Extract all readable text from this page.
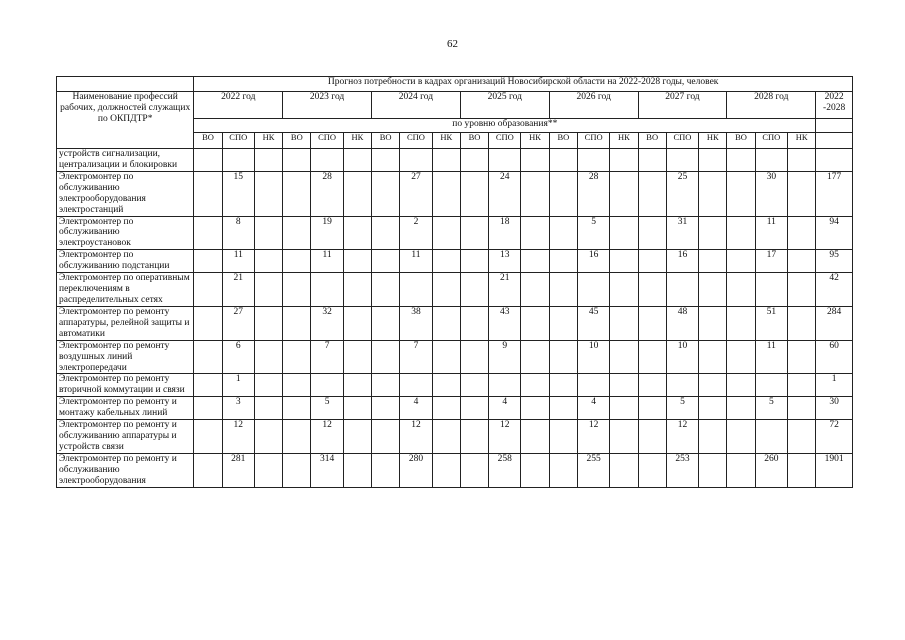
62
	Прогноз потребности в кадрах организаций Новосибирской области на 2022-2028 годы, человек																					
Наименование профессий рабочих, должностей служащих по ОКПДТР*	2022 год			2023 год			2024 год			2025 год			2026 год			2027 год			2028 год			2022 -2028
	по уровню образования**																					
	ВО	СПО	НК	ВО	СПО	НК	ВО	СПО	НК	ВО	СПО	НК	ВО	СПО	НК	ВО	СПО	НК	ВО	СПО	НК	
устройств сигнализации, централизации и блокировки																						
Электромонтер по обслуживанию электрооборудования электростанций		15			28			27			24			28			25			30		177
Электромонтер по обслуживанию электроустановок		8			19			2			18			5			31			11		94
Электромонтер по обслуживанию подстанции		11			11			11			13			16			16			17		95
Электромонтер по оперативным переключениям в распределительных сетях		21									21											42
Электромонтер по ремонту аппаратуры, релейной защиты и автоматики		27			32			38			43			45			48			51		284
Электромонтер по ремонту воздушных линий электропередачи		6			7			7			9			10			10			11		60
Электромонтер по ремонту вторичной коммутации и связи		1																				1
Электромонтер по ремонту и монтажу кабельных линий		3			5			4			4			4			5			5		30
Электромонтер по ремонту и обслуживанию аппаратуры и устройств связи		12			12			12			12			12			12					72
Электромонтер по ремонту и обслуживанию электрооборудования		281			314			280			258			255			253			260		1901
